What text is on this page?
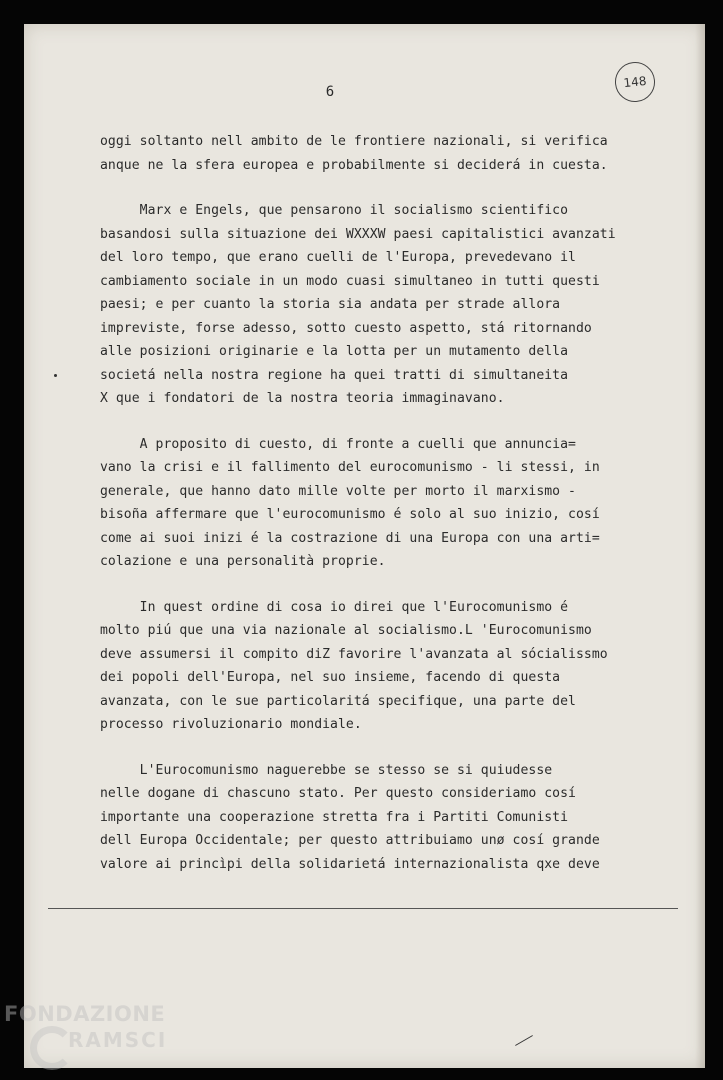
6
148
oggi soltanto nell ambito de le frontiere nazionali, si verifica
anque ne la sfera europea e probabilmente si deciderá in cuesta.
Marx e Engels, que pensarono il socialismo scientifico
basandosi sulla situazione dei WXXXW paesi capitalistici avanzati
del loro tempo, que erano cuelli de l'Europa, prevedevano il
cambiamento sociale in un modo cuasi simultaneo in tutti questi
paesi; e per cuanto la storia sia andata per strade allora
impreviste, forse adesso, sotto cuesto aspetto, stá ritornando
alle posizioni originarie e la lotta per un mutamento della
societá nella nostra regione ha quei tratti di simultaneita
X que i fondatori de la nostra teoria immaginavano.
A proposito di cuesto, di fronte a cuelli que annuncia=
vano la crisi e il fallimento del eurocomunismo - li stessi, in
generale, que hanno dato mille volte per morto il marxismo -
bisoña affermare que l'eurocomunismo é solo al suo inizio, cosí
come ai suoi inizi é la costrazione di una Europa con una arti=
colazione e una personalità proprie.
In quest ordine di cosa io direi que l'Eurocomunismo é
molto piú que una via nazionale al socialismo.L 'Eurocomunismo
deve assumersi il compito diZ favorire l'avanzata al sócialissmo
dei popoli dell'Europa, nel suo insieme, facendo di questa
avanzata, con le sue particolaritá specifique, una parte del
processo rivoluzionario mondiale.
L'Eurocomunismo naguerebbe se stesso se si quiudesse
nelle dogane di chascuno stato. Per questo consideriamo cosí
importante una cooperazione stretta fra i Partiti Comunisti
dell Europa Occidentale; per questo attribuiamo unø cosí grande
valore ai princìpi della solidarietá internazionalista qxe deve
FONDAZIONE
RAMSCI
